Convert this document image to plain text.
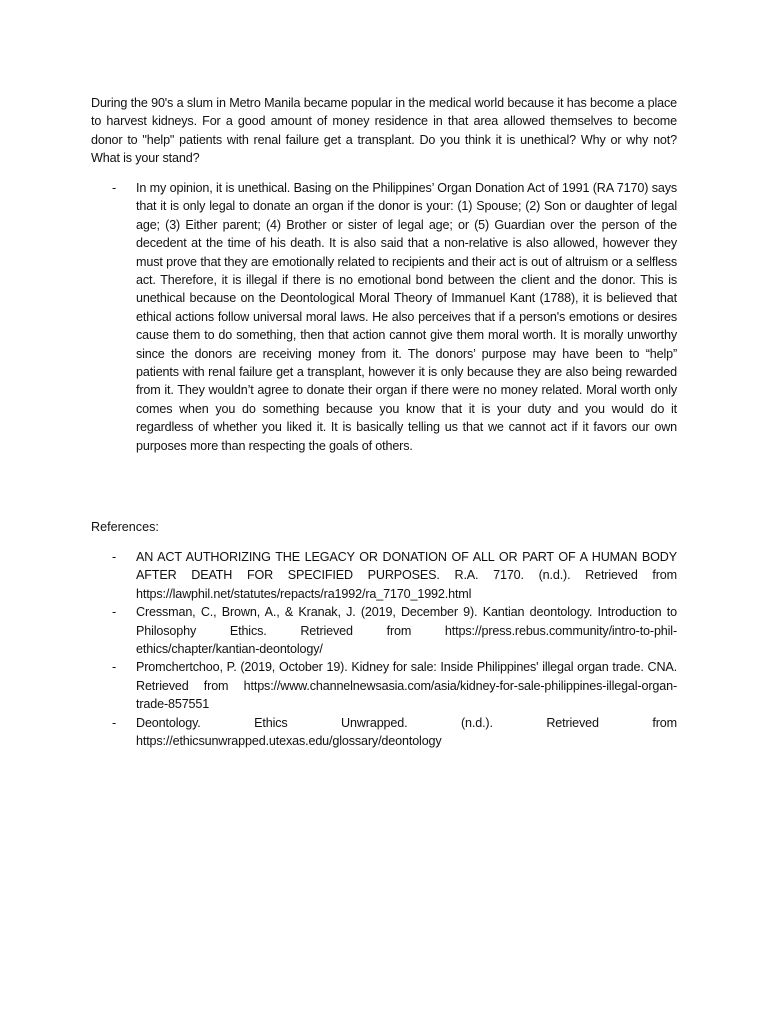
During the 90's a slum in Metro Manila became popular in the medical world because it has become a place to harvest kidneys. For a good amount of money residence in that area allowed themselves to become donor to "help" patients with renal failure get a transplant. Do you think it is unethical? Why or why not? What is your stand?
-	In my opinion, it is unethical. Basing on the Philippines’ Organ Donation Act of 1991 (RA 7170) says that it is only legal to donate an organ if the donor is your: (1) Spouse; (2) Son or daughter of legal age; (3) Either parent; (4) Brother or sister of legal age; or (5) Guardian over the person of the decedent at the time of his death. It is also said that a non-relative is also allowed, however they must prove that they are emotionally related to recipients and their act is out of altruism or a selfless act. Therefore, it is illegal if there is no emotional bond between the client and the donor. This is unethical because on the Deontological Moral Theory of Immanuel Kant (1788), it is believed that ethical actions follow universal moral laws. He also perceives that if a person's emotions or desires cause them to do something, then that action cannot give them moral worth. It is morally unworthy since the donors are receiving money from it. The donors’ purpose may have been to “help” patients with renal failure get a transplant, however it is only because they are also being rewarded from it. They wouldn’t agree to donate their organ if there were no money related. Moral worth only comes when you do something because you know that it is your duty and you would do it regardless of whether you liked it. It is basically telling us that we cannot act if it favors our own purposes more than respecting the goals of others.
References:
-	AN ACT AUTHORIZING THE LEGACY OR DONATION OF ALL OR PART OF A HUMAN BODY AFTER DEATH FOR SPECIFIED PURPOSES. R.A. 7170. (n.d.). Retrieved from https://lawphil.net/statutes/repacts/ra1992/ra_7170_1992.html
-	Cressman, C., Brown, A., & Kranak, J. (2019, December 9). Kantian deontology. Introduction to Philosophy Ethics. Retrieved from https://press.rebus.community/intro-to-phil-ethics/chapter/kantian-deontology/
-	Promchertchoo, P. (2019, October 19). Kidney for sale: Inside Philippines' illegal organ trade. CNA. Retrieved from https://www.channelnewsasia.com/asia/kidney-for-sale-philippines-illegal-organ-trade-857551
-	Deontology. Ethics Unwrapped. (n.d.). Retrieved from https://ethicsunwrapped.utexas.edu/glossary/deontology
